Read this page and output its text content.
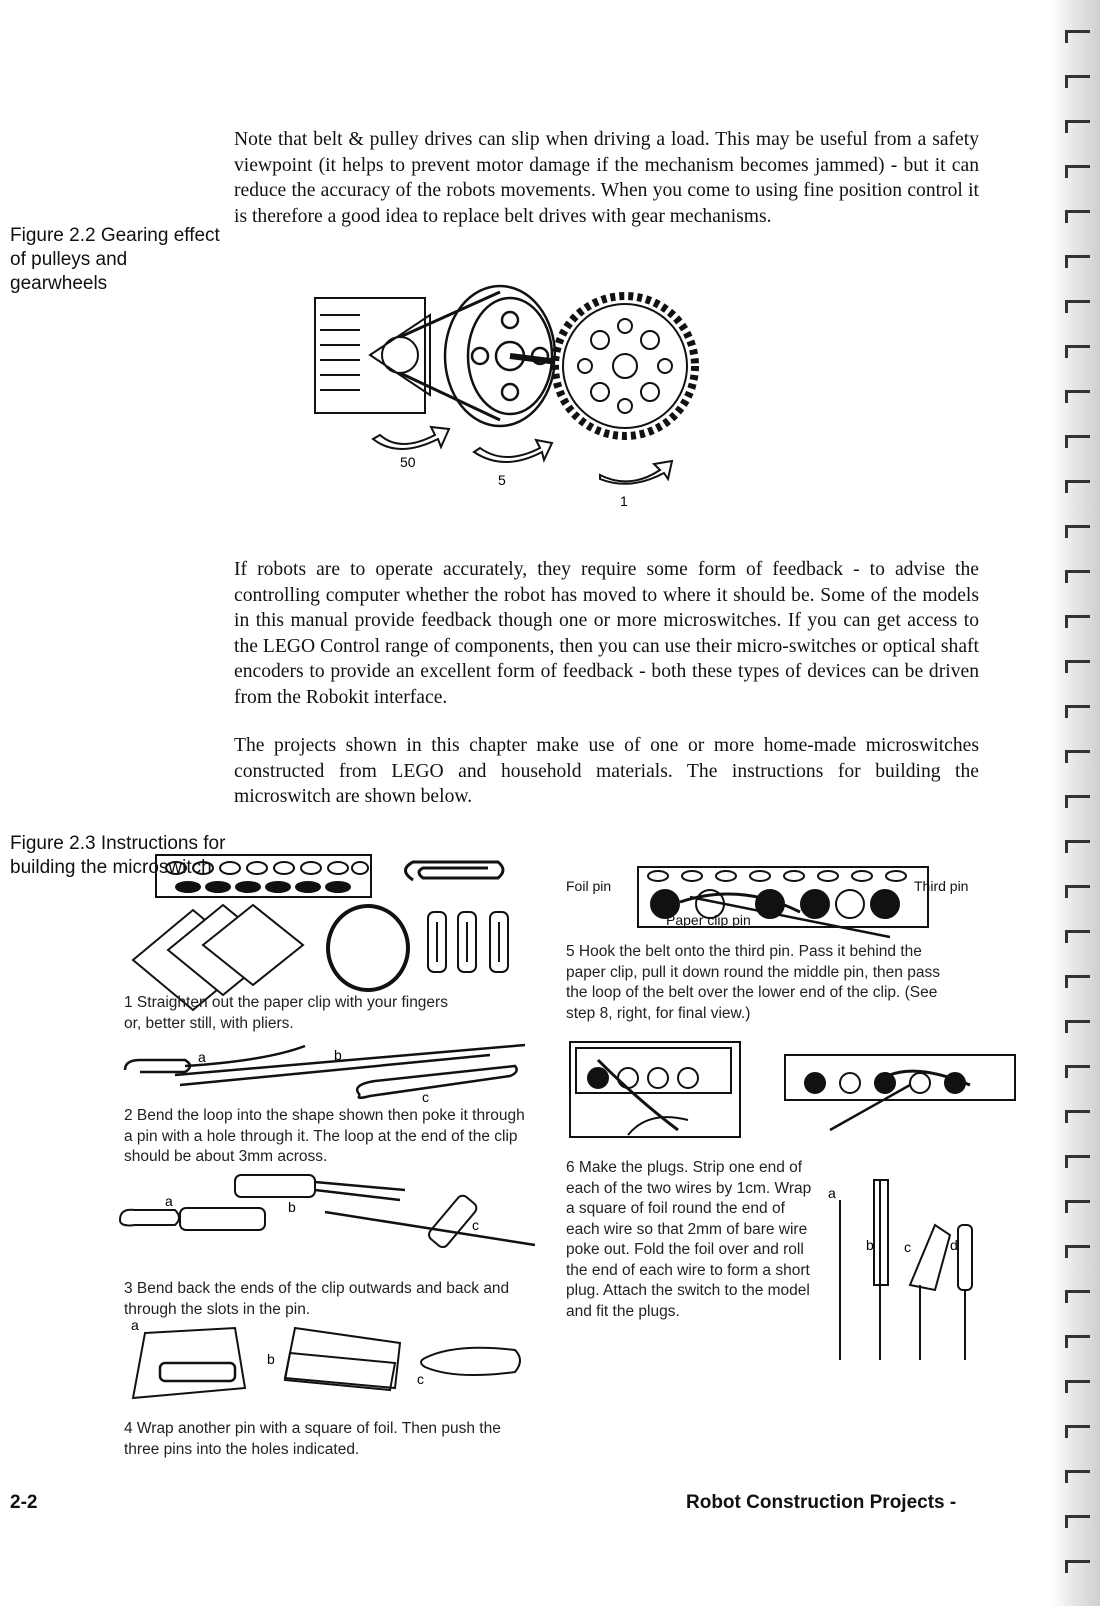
Note that belt & pulley drives can slip when driving a load. This may be useful from a safety viewpoint (it helps to prevent motor damage if the mechanism becomes jammed) - but it can reduce the accuracy of the robots movements. When you come to using fine position control it is therefore a good idea to replace belt drives with gear mechanisms.
Figure 2.2 Gearing effect of pulleys and gearwheels
50
5
1
If robots are to operate accurately, they require some form of feedback - to advise the controlling computer whether the robot has moved to where it should be. Some of the models in this manual provide feedback though one or more microswitches. If you can get access to the LEGO Control range of components, then you can use their micro-switches or optical shaft encoders to provide an excellent form of feedback - both these types of devices can be driven from the Robokit interface.
The projects shown in this chapter make use of one or more home-made microswitches constructed from LEGO and household materials. The instructions for building the microswitch are shown below.
Figure 2.3 Instructions for building the microswitch
1 Straighten out the paper clip with your fingers or, better still, with pliers.
a	b
c
2 Bend the loop into the shape shown then poke it through a pin with a hole through it. The loop at the end of the clip should be about 3mm across.
a	b
c
3 Bend back the ends of the clip outwards and back and through the slots in the pin.
a
b
c
4 Wrap another pin with a square of foil. Then push the three pins into the holes indicated.
Foil pin	Third pin
Paper clip pin
5 Hook the belt onto the third pin. Pass it behind the paper clip, pull it down round the middle pin, then pass the loop of the belt over the lower end of the clip. (See step 8, right, for final view.)
6 Make the plugs. Strip one end of each of the two wires by 1cm. Wrap a square of foil round the end of each wire so that 2mm of bare wire poke out. Fold the foil over and roll the end of each wire to form a short plug. Attach the switch to the model and fit the plugs.
a
b c	d
2-2	Robot Construction Projects -
